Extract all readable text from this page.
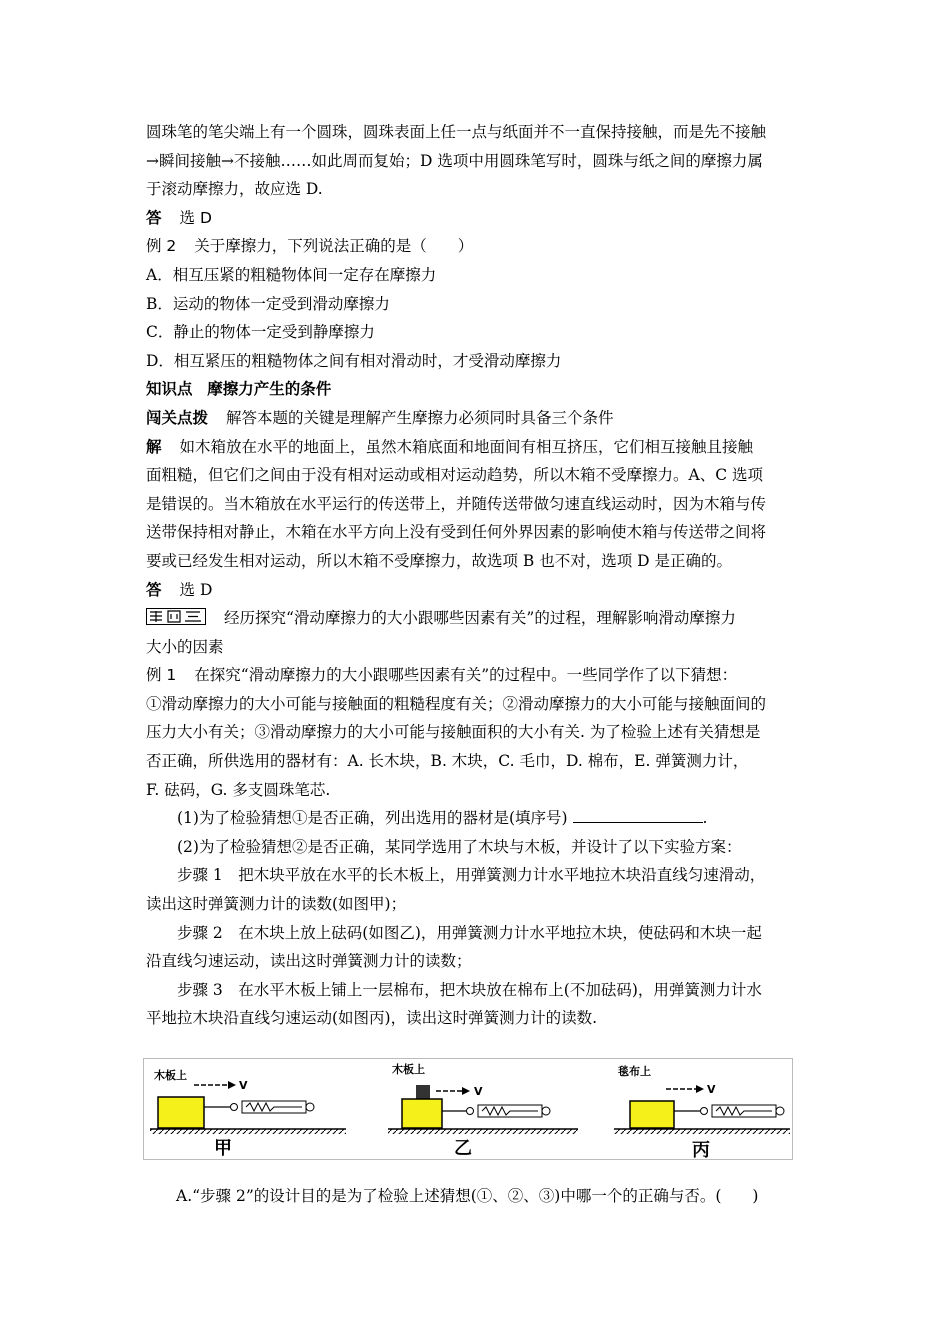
圆珠笔的笔尖端上有一个圆珠，圆珠表面上任一点与纸面并不一直保持接触，而是先不接触

→瞬间接触→不接触……如此周而复始；D 选项中用圆珠笔写时，圆珠与纸之间的摩擦力属

于滚动摩擦力，故应选 D.

答 选 D

例 2 关于摩擦力，下列说法正确的是（　　）

A．相互压紧的粗糙物体间一定存在摩擦力

B．运动的物体一定受到滑动摩擦力

C．静止的物体一定受到静摩擦力

D．相互紧压的粗糙物体之间有相对滑动时，才受滑动摩擦力

知识点 摩擦力产生的条件

闯关点拨 解答本题的关键是理解产生摩擦力必须同时具备三个条件

解 如木箱放在水平的地面上，虽然木箱底面和地面间有相互挤压，它们相互接触且接触

面粗糙，但它们之间由于没有相对运动或相对运动趋势，所以木箱不受摩擦力。A、C 选项

是错误的。当木箱放在水平运行的传送带上，并随传送带做匀速直线运动时，因为木箱与传

送带保持相对静止，木箱在水平方向上没有受到任何外界因素的影响使木箱与传送带之间将

要或已经发生相对运动，所以木箱不受摩擦力，故选项 B 也不对，选项 D 是正确的。

答 选 D

经历探究“滑动摩擦力的大小跟哪些因素有关”的过程，理解影响滑动摩擦力

大小的因素

例 1 在探究“滑动摩擦力的大小跟哪些因素有关”的过程中。一些同学作了以下猜想：

①滑动摩擦力的大小可能与接触面的粗糙程度有关；②滑动摩擦力的大小可能与接触面间的

压力大小有关；③滑动摩擦力的大小可能与接触面积的大小有关. 为了检验上述有关猜想是

否正确，所供选用的器材有：A. 长木块，B. 木块，C. 毛巾，D. 棉布，E. 弹簧测力计，

F. 砝码，G. 多支圆珠笔芯.

(1)为了检验猜想①是否正确，列出选用的器材是(填序号)	.

(2)为了检验猜想②是否正确，某同学选用了木块与木板，并设计了以下实验方案：

步骤 1　把木块平放在水平的长木板上，用弹簧测力计水平地拉木块沿直线匀速滑动，

读出这时弹簧测力计的读数(如图甲)；

步骤 2　在木块上放上砝码(如图乙)，用弹簧测力计水平地拉木块，使砝码和木块一起

沿直线匀速运动，读出这时弹簧测力计的读数；

步骤 3　在水平木板上铺上一层棉布，把木块放在棉布上(不加砝码)，用弹簧测力计水

平地拉木块沿直线匀速运动(如图丙)，读出这时弹簧测力计的读数.

木板上
V
甲
木板上
V
乙
毯布上
V
丙

A.“步骤 2”的设计目的是为了检验上述猜想(①、②、③)中哪一个的正确与否。(　　)
